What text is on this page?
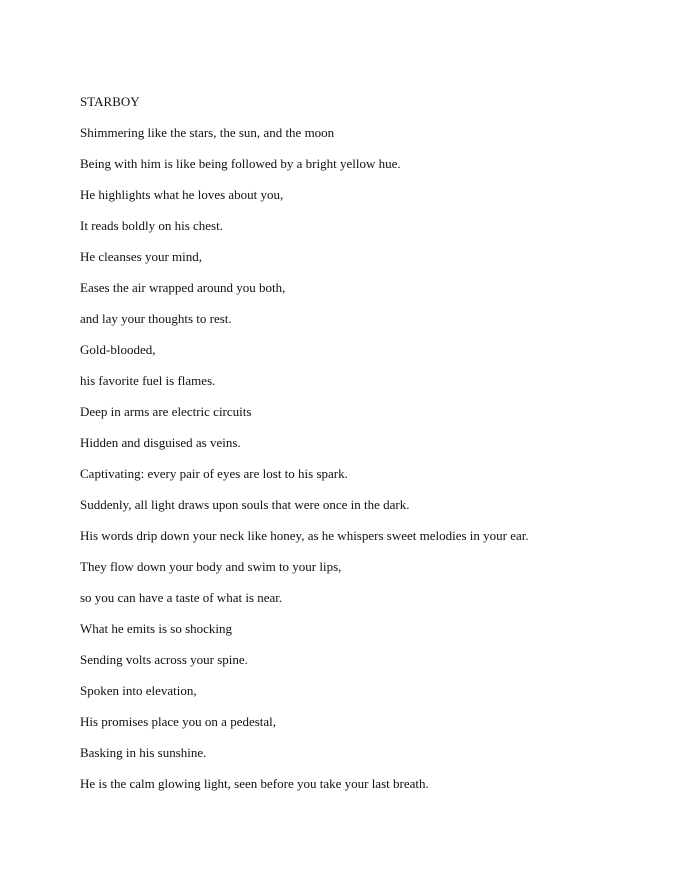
STARBOY
Shimmering like the stars, the sun, and the moon
Being with him is like being followed by a bright yellow hue.
He highlights what he loves about you,
It reads boldly on his chest.
He cleanses your mind,
Eases the air wrapped around you both,
and lay your thoughts to rest.
Gold-blooded,
his favorite fuel is flames.
Deep in arms are electric circuits
Hidden and disguised as veins.
Captivating: every pair of eyes are lost to his spark.
Suddenly, all light draws upon souls that were once in the dark.
His words drip down your neck like honey, as he whispers sweet melodies in your ear.
They flow down your body and swim to your lips,
so you can have a taste of what is near.
What he emits is so shocking
Sending volts across your spine.
Spoken into elevation,
His promises place you on a pedestal,
Basking in his sunshine.
He is the calm glowing light, seen before you take your last breath.
